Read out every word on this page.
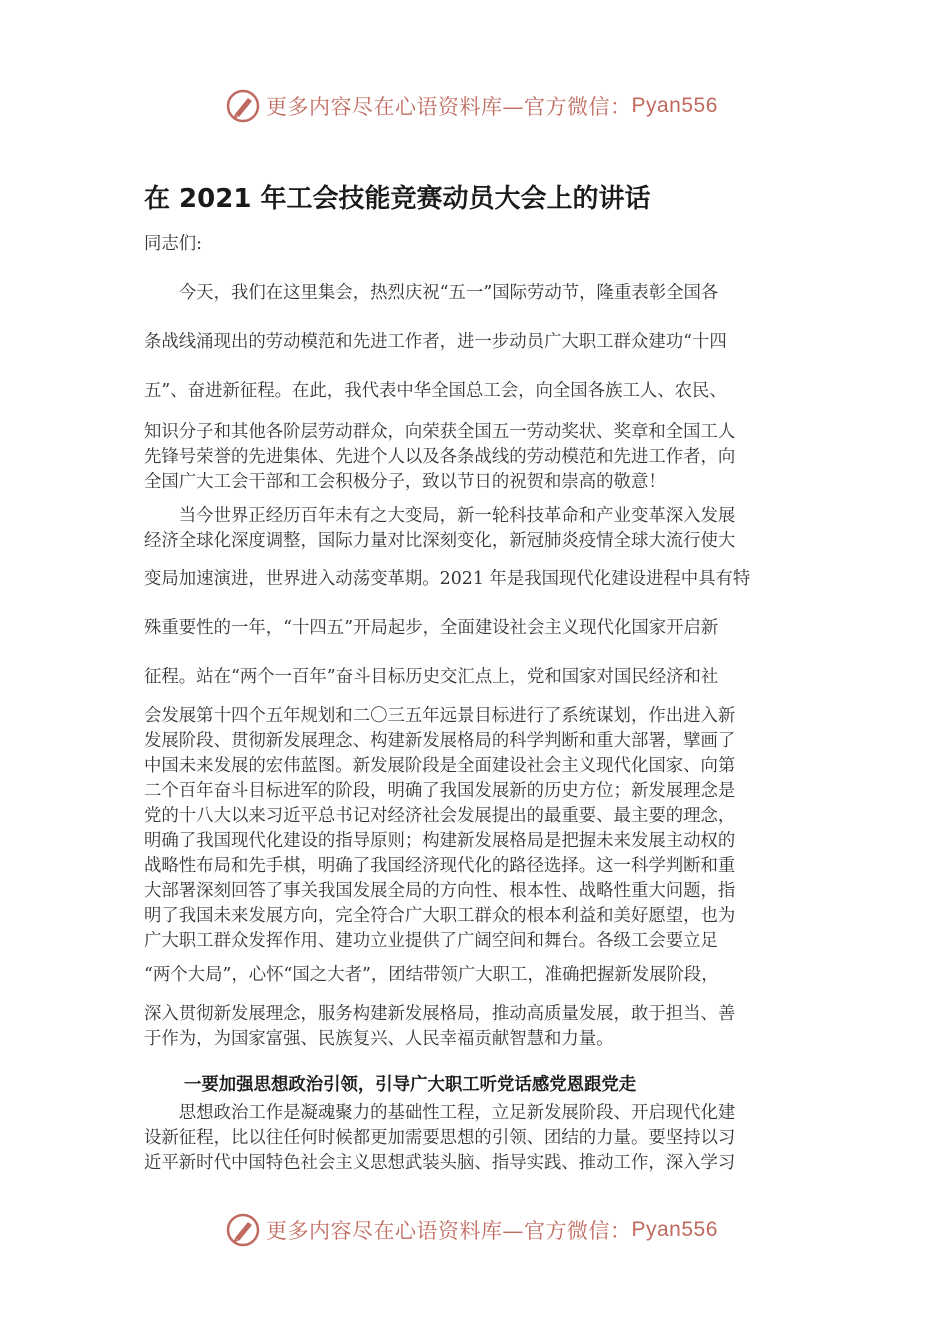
更多内容尽在心语资料库—官方微信： Pyan556
在 2021 年工会技能竞赛动员大会上的讲话
同志们:
　　今天，我们在这里集会，热烈庆祝“五一”国际劳动节，隆重表彰全国各
条战线涌现出的劳动模范和先进工作者，进一步动员广大职工群众建功“十四
五”、奋进新征程。在此，我代表中华全国总工会，向全国各族工人、农民、
知识分子和其他各阶层劳动群众，向荣获全国五一劳动奖状、奖章和全国工人
先锋号荣誉的先进集体、先进个人以及各条战线的劳动模范和先进工作者，向
全国广大工会干部和工会积极分子，致以节日的祝贺和崇高的敬意！
　　当今世界正经历百年未有之大变局，新一轮科技革命和产业变革深入发展
经济全球化深度调整，国际力量对比深刻变化，新冠肺炎疫情全球大流行使大
变局加速演进，世界进入动荡变革期。2021 年是我国现代化建设进程中具有特
殊重要性的一年，“十四五”开局起步，全面建设社会主义现代化国家开启新
征程。站在“两个一百年”奋斗目标历史交汇点上，党和国家对国民经济和社
会发展第十四个五年规划和二〇三五年远景目标进行了系统谋划，作出进入新
发展阶段、贯彻新发展理念、构建新发展格局的科学判断和重大部署，擘画了
中国未来发展的宏伟蓝图。新发展阶段是全面建设社会主义现代化国家、向第
二个百年奋斗目标进军的阶段，明确了我国发展新的历史方位；新发展理念是
党的十八大以来习近平总书记对经济社会发展提出的最重要、最主要的理念，
明确了我国现代化建设的指导原则；构建新发展格局是把握未来发展主动权的
战略性布局和先手棋，明确了我国经济现代化的路径选择。这一科学判断和重
大部署深刻回答了事关我国发展全局的方向性、根本性、战略性重大问题，指
明了我国未来发展方向，完全符合广大职工群众的根本利益和美好愿望，也为
广大职工群众发挥作用、建功立业提供了广阔空间和舞台。各级工会要立足
“两个大局”，心怀“国之大者”，团结带领广大职工，准确把握新发展阶段，
深入贯彻新发展理念，服务构建新发展格局，推动高质量发展，敢于担当、善
于作为，为国家富强、民族复兴、人民幸福贡献智慧和力量。
一要加强思想政治引领，引导广大职工听党话感党恩跟党走
　　思想政治工作是凝魂聚力的基础性工程，立足新发展阶段、开启现代化建
设新征程，比以往任何时候都更加需要思想的引领、团结的力量。要坚持以习
近平新时代中国特色社会主义思想武装头脑、指导实践、推动工作，深入学习
更多内容尽在心语资料库—官方微信： Pyan556
